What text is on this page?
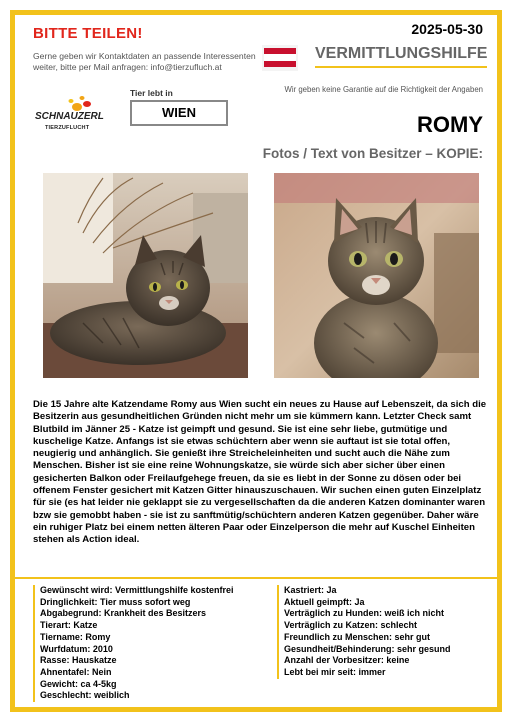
BITTE TEILEN!	2025-05-30
Gerne geben wir Kontaktdaten an passende Interessenten weiter, bitte per Mail anfragen: info@tierzufluch.at
VERMITTLUNGSHILFE
Wir geben keine Garantie auf die Richtigkeit der Angaben
SCHNAUZERL
TIERZUFLUCHT
Tier lebt in
WIEN	ROMY
Fotos / Text von Besitzer – KOPIE:
Die 15 Jahre alte Katzendame Romy aus Wien sucht ein neues zu Hause auf Lebenszeit, da sich die Besitzerin aus gesundheitlichen Gründen nicht mehr um sie kümmern kann. Letzter Check samt Blutbild im Jänner 25 - Katze ist geimpft und gesund. Sie ist eine sehr liebe, gutmütige und kuschelige Katze. Anfangs ist sie etwas schüchtern aber wenn sie auftaut ist sie total offen, neugierig und anhänglich. Sie genießt ihre Streicheleinheiten und sucht auch die Nähe zum Menschen. Bisher ist sie eine reine Wohnungskatze, sie würde sich aber sicher über einen gesicherten Balkon oder Freilaufgehege freuen, da sie es liebt in der Sonne zu dösen oder bei offenem Fenster gesichert mit Katzen Gitter hinauszuschauen. Wir suchen einen guten Einzelplatz für sie (es hat leider nie geklappt sie zu vergesellschaften da die anderen Katzen dominanter waren bzw sie gemobbt haben - sie ist zu sanftmütig/schüchtern anderen Katzen gegenüber. Daher wäre ein ruhiger Platz bei einem netten älteren Paar oder Einzelperson die mehr auf Kuschel Einheiten stehen als Action ideal.
Gewünscht wird: Vermittlungshilfe kostenfrei
Dringlichkeit: Tier muss sofort weg
Abgabegrund: Krankheit des Besitzers
Tierart: Katze
Tiername: Romy
Wurfdatum: 2010
Rasse: Hauskatze
Ahnentafel: Nein
Gewicht: ca 4-5kg
Geschlecht: weiblich
Kastriert: Ja
Aktuell geimpft: Ja
Verträglich zu Hunden: weiß ich nicht
Verträglich zu Katzen: schlecht
Freundlich zu Menschen: sehr gut
Gesundheit/Behinderung: sehr gesund
Anzahl der Vorbesitzer: keine
Lebt bei mir seit: immer
